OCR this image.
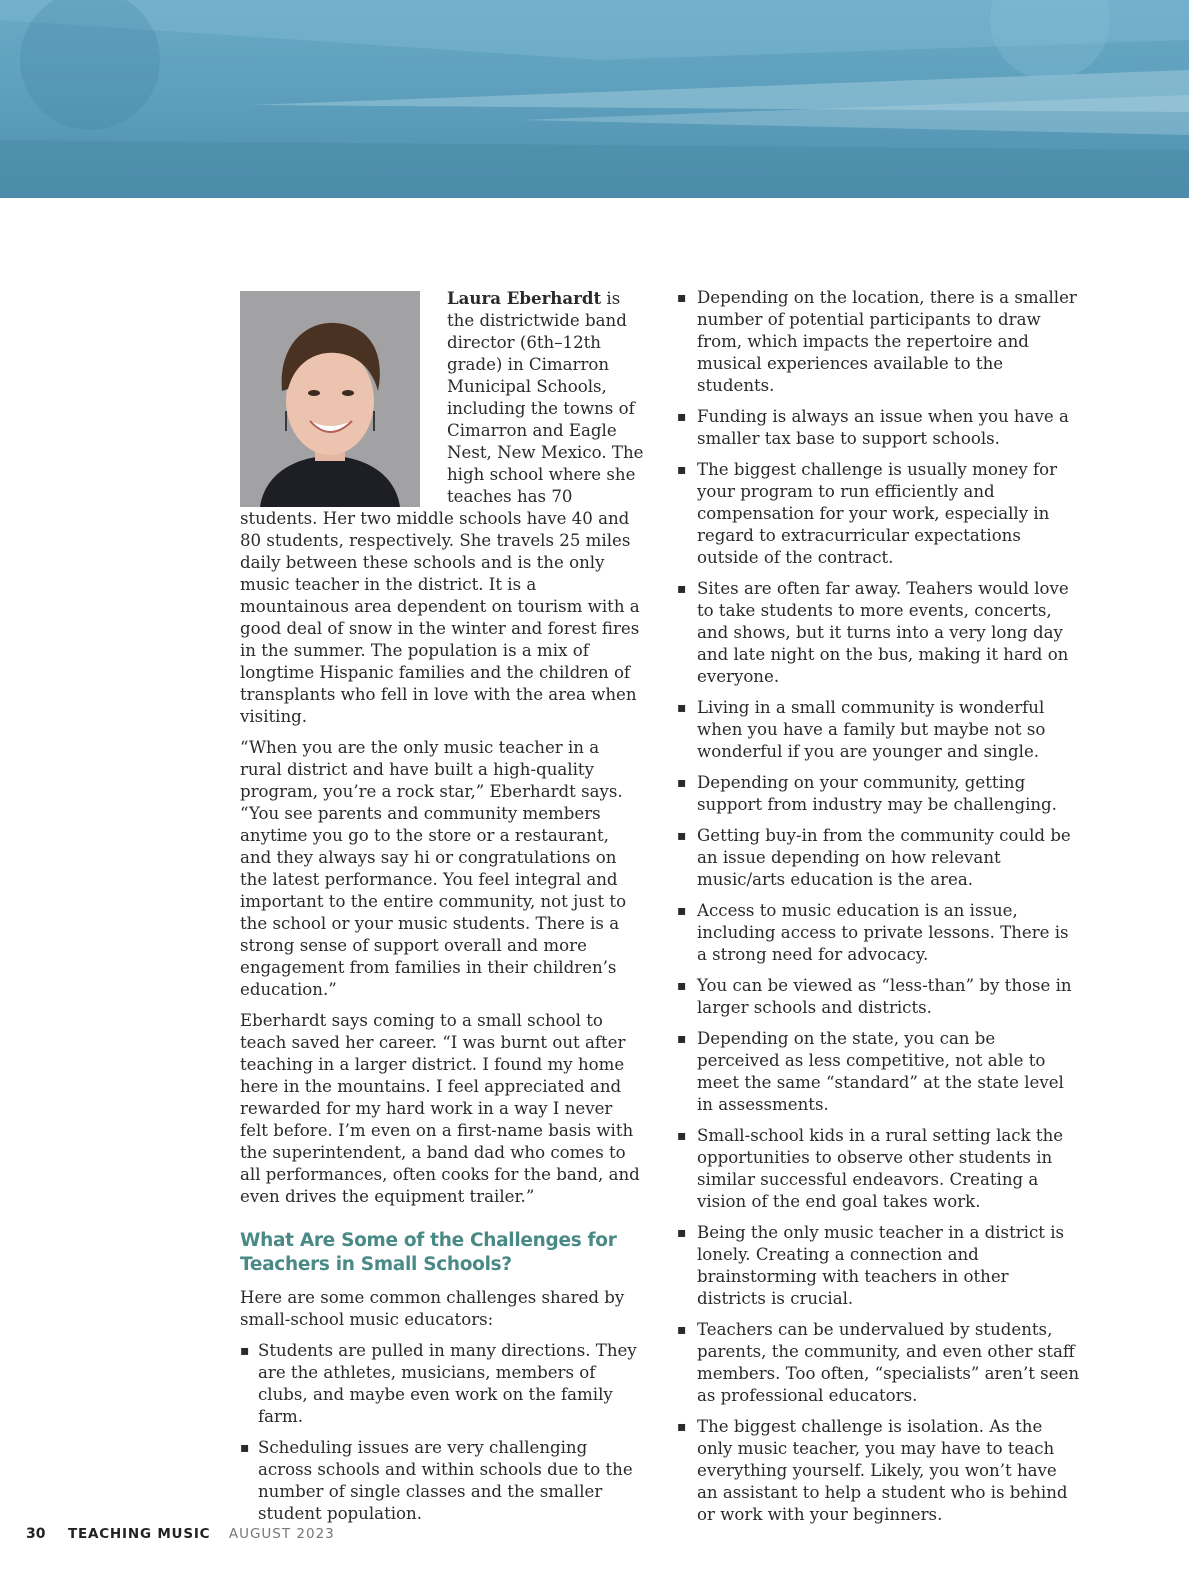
Laura Eberhardt is the districtwide band director (6th–12th grade) in Cimarron Municipal Schools, including the towns of Cimarron and Eagle Nest, New Mexico. The high school where she teaches has 70 students. Her two middle schools have 40 and 80 students, respectively. She travels 25 miles daily between these schools and is the only music teacher in the district. It is a mountainous area dependent on tourism with a good deal of snow in the winter and forest fires in the summer. The population is a mix of longtime Hispanic families and the children of transplants who fell in love with the area when visiting.

“When you are the only music teacher in a rural district and have built a high-quality program, you’re a rock star,” Eberhardt says. “You see parents and community members anytime you go to the store or a restaurant, and they always say hi or congratulations on the latest performance. You feel integral and important to the entire community, not just to the school or your music students. There is a strong sense of support overall and more engagement from families in their children’s education.”

Eberhardt says coming to a small school to teach saved her career. “I was burnt out after teaching in a larger district. I found my home here in the mountains. I feel appreciated and rewarded for my hard work in a way I never felt before. I’m even on a first-name basis with the superintendent, a band dad who comes to all performances, often cooks for the band, and even drives the equipment trailer.”

What Are Some of the Challenges for Teachers in Small Schools?

Here are some common challenges shared by small-school music educators:

▪ Students are pulled in many directions. They are the athletes, musicians, members of clubs, and maybe even work on the family farm.
▪ Scheduling issues are very challenging across schools and within schools due to the number of single classes and the smaller student population.
▪ Depending on the location, there is a smaller number of potential participants to draw from, which impacts the repertoire and musical experiences available to the students.
▪ Funding is always an issue when you have a smaller tax base to support schools.
▪ The biggest challenge is usually money for your program to run efficiently and compensation for your work, especially in regard to extracurricular expectations outside of the contract.
▪ Sites are often far away. Teahers would love to take students to more events, concerts, and shows, but it turns into a very long day and late night on the bus, making it hard on everyone.
▪ Living in a small community is wonderful when you have a family but maybe not so wonderful if you are younger and single.
▪ Depending on your community, getting support from industry may be challenging.
▪ Getting buy-in from the community could be an issue depending on how relevant music/arts education is the area.
▪ Access to music education is an issue, including access to private lessons. There is a strong need for advocacy.
▪ You can be viewed as “less-than” by those in larger schools and districts.
▪ Depending on the state, you can be perceived as less competitive, not able to meet the same “standard” at the state level in assessments.
▪ Small-school kids in a rural setting lack the opportunities to observe other students in similar successful endeavors. Creating a vision of the end goal takes work.
▪ Being the only music teacher in a district is lonely. Creating a connection and brainstorming with teachers in other districts is crucial.
▪ Teachers can be undervalued by students, parents, the community, and even other staff members. Too often, “specialists” aren’t seen as professional educators.
▪ The biggest challenge is isolation. As the only music teacher, you may have to teach everything yourself. Likely, you won’t have an assistant to help a student who is behind or work with your beginners.
30 TEACHING MUSIC AUGUST 2023
